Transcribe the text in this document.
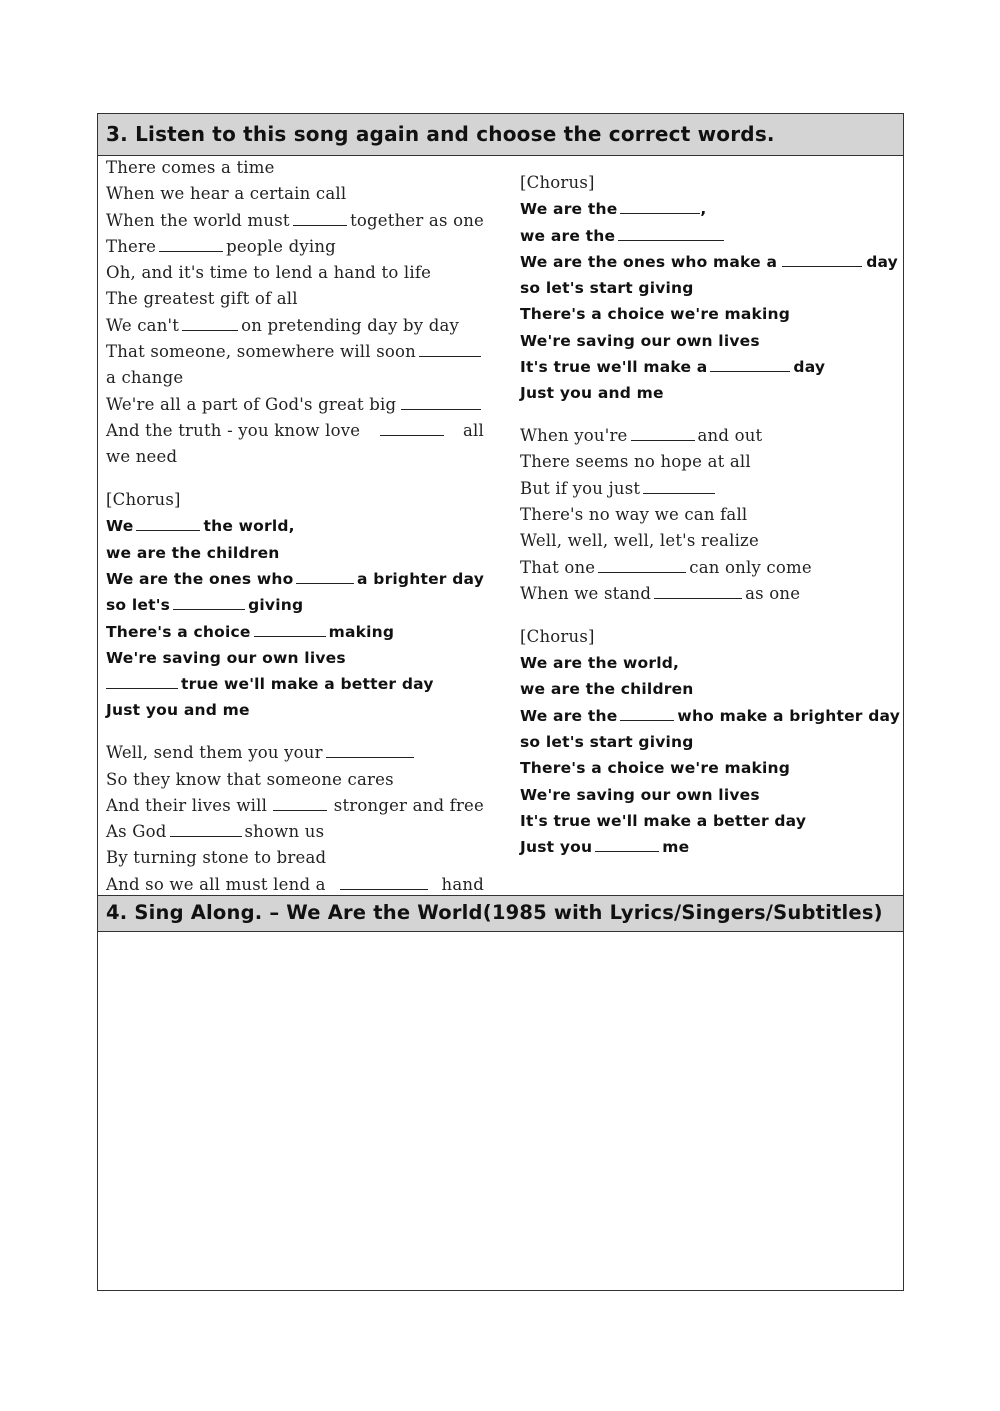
3. Listen to this song again and choose the correct words.
There comes a time
When we hear a certain call
When the world must	together as one
There	people dying
Oh, and it's time to lend a hand to life
The greatest gift of all
We can't	on pretending day by day
That someone, somewhere will soon
a change
We're all a part of God's great big
And the truth - you know love	all
we need
[Chorus]
We	the world,
we are the children
We are the ones who	a brighter day
so let's	giving
There's a choice	making
We're saving our own lives
true we'll make a better day
Just you and me
Well, send them you your
So they know that someone cares
And their lives will	stronger and free
As God	shown us
By turning stone to bread
And so we all must lend a	hand
[Chorus]
We are the	,
we are the
We are the ones who make a	day
so let's start giving
There's a choice we're making
We're saving our own lives
It's true we'll make a	day
Just you and me
When you're	and out
There seems no hope at all
But if you just
There's no way we can fall
Well, well, well, let's realize
That one	can only come
When we stand	as one
[Chorus]
We are the world,
we are the children
We are the	who make a brighter day
so let's start giving
There's a choice we're making
We're saving our own lives
It's true we'll make a better day
Just you	me
4. Sing Along. – We Are the World(1985 with Lyrics/Singers/Subtitles)
